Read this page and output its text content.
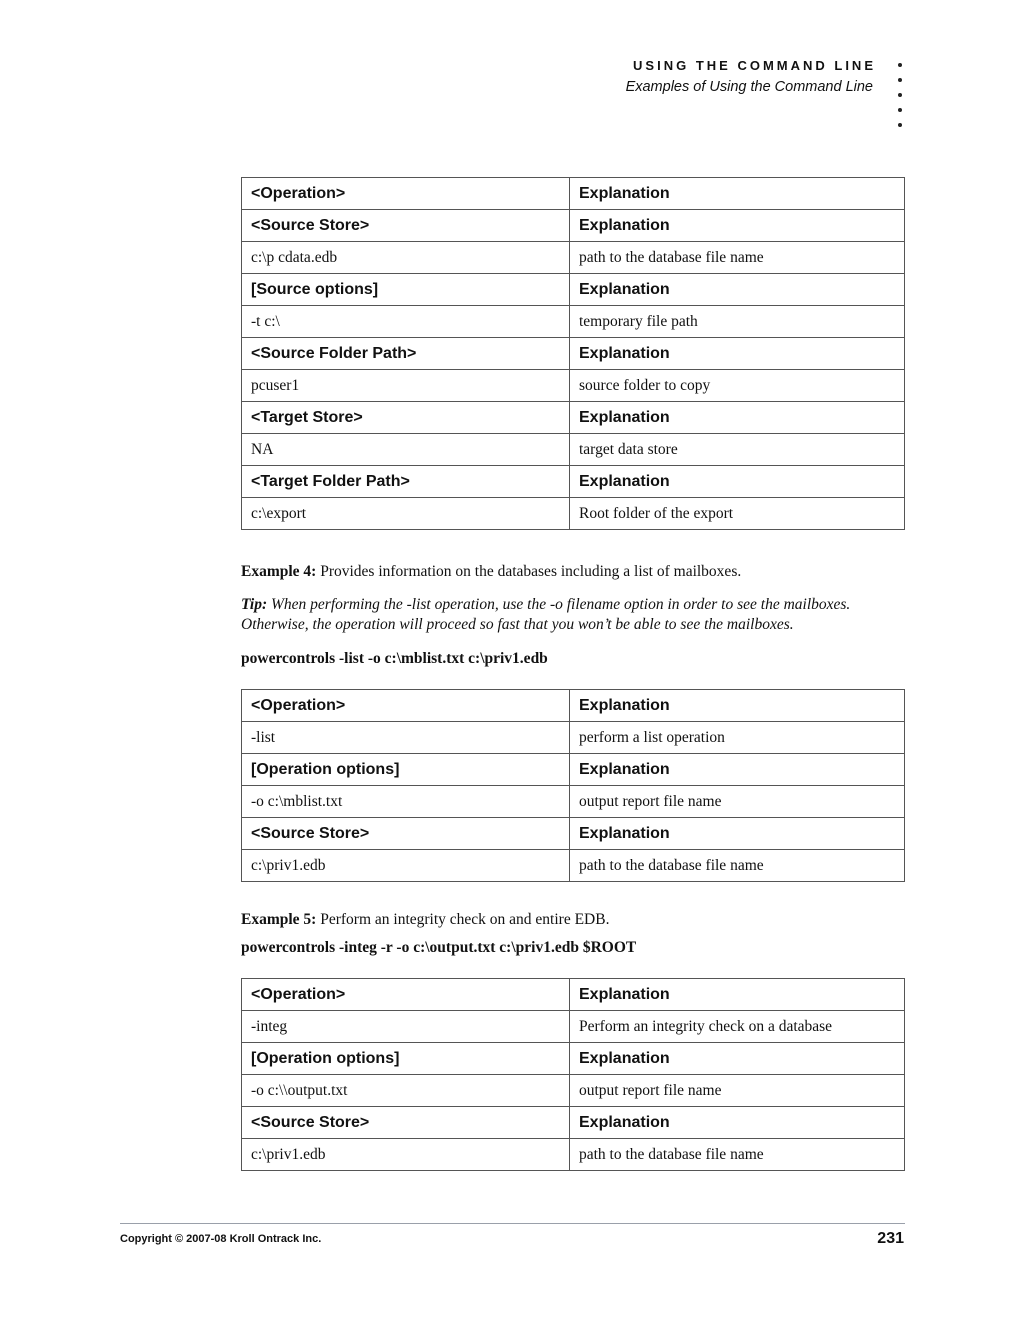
USING THE COMMAND LINE
Examples of Using the Command Line
<Operation>	Explanation
<Source Store>	Explanation
c:\p cdata.edb	path to the database file name
[Source options]	Explanation
-t c:\	temporary file path
<Source Folder Path>	Explanation
pcuser1	source folder to copy
<Target Store>	Explanation
NA	target data store
<Target Folder Path>	Explanation
c:\export	Root folder of the export
Example 4: Provides information on the databases including a list of mailboxes.
Tip: When performing the -list operation, use the -o filename option in order to see the mailboxes. Otherwise, the operation will proceed so fast that you won’t be able to see the mailboxes.
powercontrols -list -o c:\mblist.txt c:\priv1.edb
<Operation>	Explanation
-list	perform a list operation
[Operation options]	Explanation
-o c:\mblist.txt	output report file name
<Source Store>	Explanation
c:\priv1.edb	path to the database file name
Example 5: Perform an integrity check on and entire EDB.
powercontrols -integ -r -o c:\output.txt c:\priv1.edb $ROOT
<Operation>	Explanation
-integ	Perform an integrity check on a database
[Operation options]	Explanation
-o c:\\output.txt	output report file name
<Source Store>	Explanation
c:\priv1.edb	path to the database file name
Copyright © 2007-08 Kroll Ontrack Inc.	231
